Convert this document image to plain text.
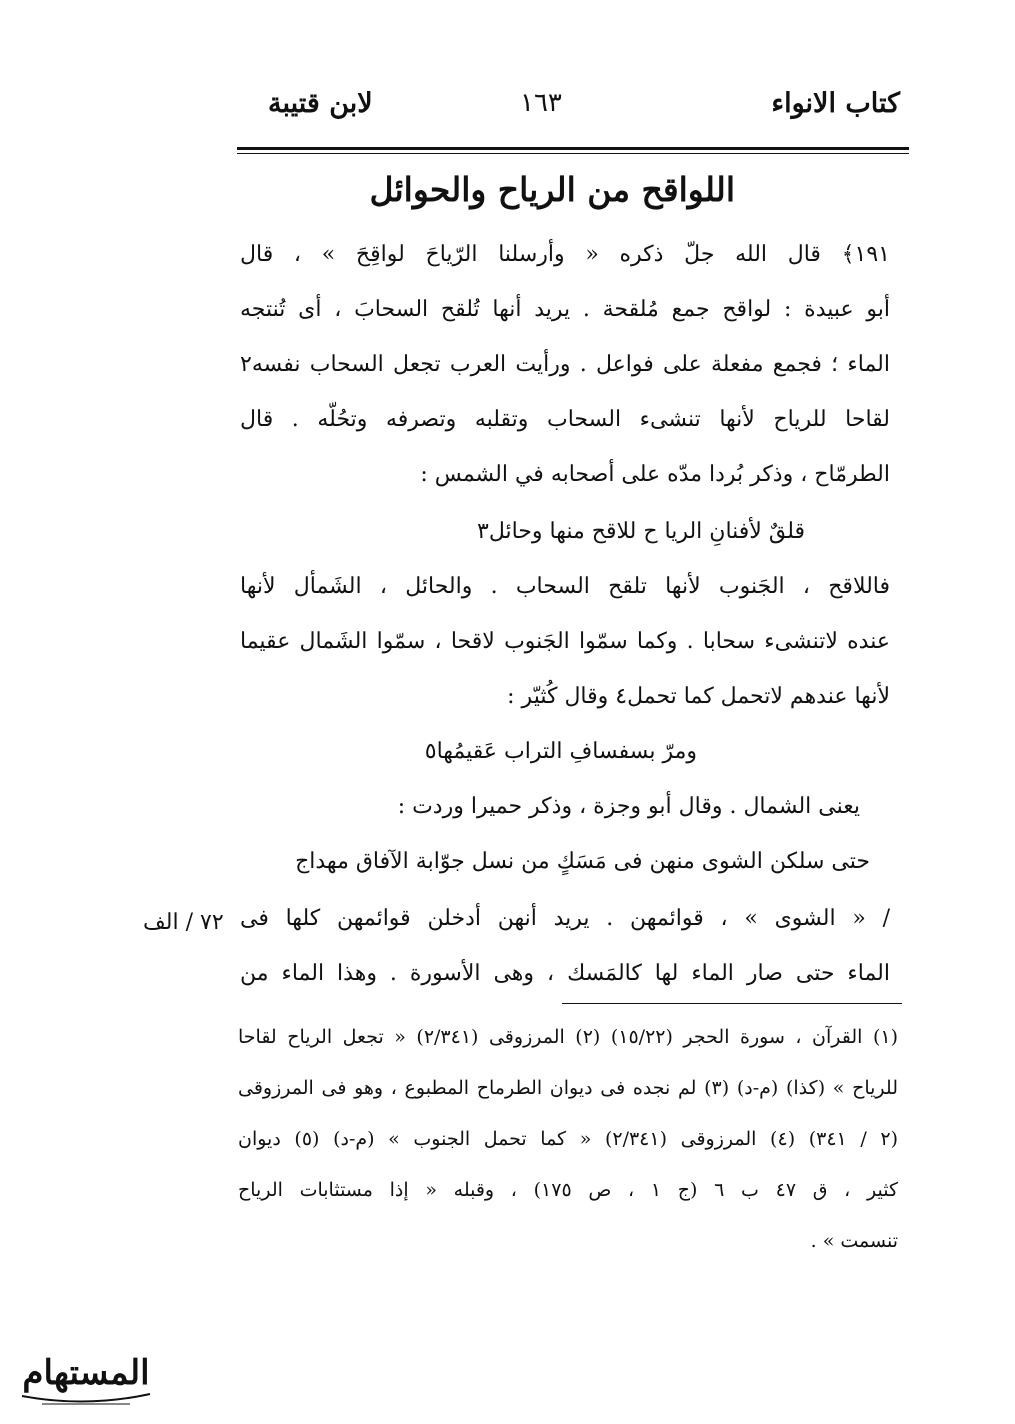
كتاب الانواء
١٦٣
لابن قتيبة
اللواقح من الرياح والحوائل
١٩١﴾ قال الله جلّ ذكره « وأرسلنا الرّياحَ لواقِحَ » ، قال
أبو عبيدة : لواقح جمع مُلقحة . يريد أنها تُلقح السحابَ ، أى تُنتجه
الماء ؛ فجمع مفعلة على فواعل . ورأيت العرب تجعل السحاب نفسه٢
لقاحا للرياح لأنها تنشىء السحاب وتقلبه وتصرفه وتحُلّه . قال
الطرمّاح ، وذكر بُردا مدّه على أصحابه في الشمس :
قلقٌ لأفنانِ الريا ح للاقح منها وحائل٣
فاللاقح ، الجَنوب لأنها تلقح السحاب . والحائل ، الشَمأل لأنها
عنده لاتنشىء سحابا . وكما سمّوا الجَنوب لاقحا ، سمّوا الشَمال عقيما
لأنها عندهم لاتحمل كما تحمل٤ وقال كُثيّر :
ومرّ بسفسافِ التراب عَقيمُها٥
يعنى الشمال . وقال أبو وجزة ، وذكر حميرا وردت :
حتى سلكن الشوى منهن فى مَسَكٍ من نسل جوّابة الآفاق مهداج
/ « الشوى » ، قوائمهن . يريد أنهن أدخلن قوائمهن كلها فى
الماء حتى صار الماء لها كالمَسك ، وهى الأسورة . وهذا الماء من
٧٢ / الف
(١) القرآن ، سورة الحجر (١٥/٢٢) (٢) المرزوقى (٢/٣٤١) « تجعل الرياح لقاحا
للرياح » (كذا) (م-د) (٣) لم نجده فى ديوان الطرماح المطبوع ، وهو فى المرزوقى
(٢ / ٣٤١) (٤) المرزوقى (٢/٣٤١) « كما تحمل الجنوب » (م-د) (٥) ديوان
كثير ، ق ٤٧ ب ٦ (ج ١ ، ص ١٧٥) ، وقبله « إذا مستثابات الرياح
تنسمت » .
المستهام
